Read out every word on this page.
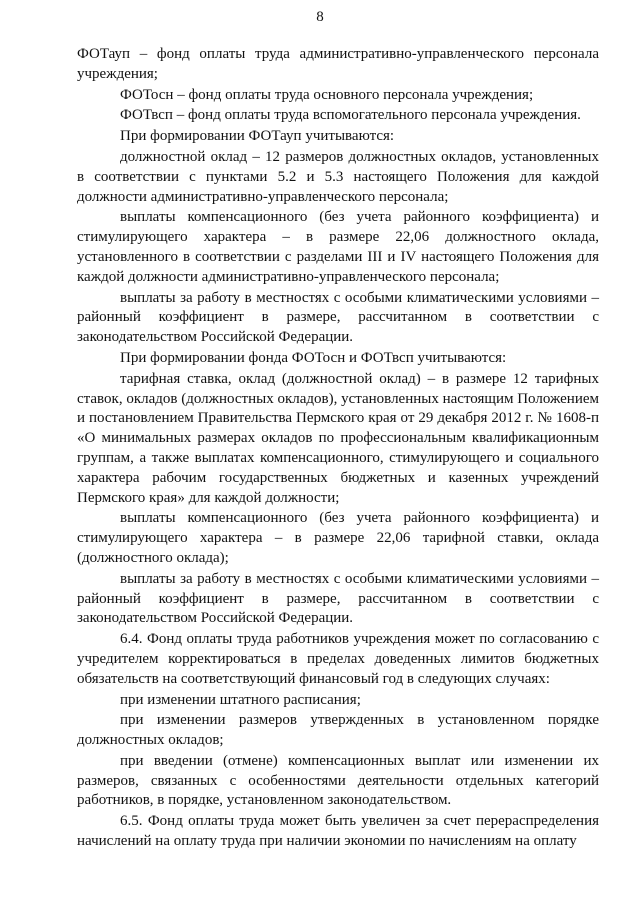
8

ФОТауп – фонд оплаты труда административно-управленческого персонала учреждения;

ФОТосн – фонд оплаты труда основного персонала учреждения;

ФОТвсп – фонд оплаты труда вспомогательного персонала учреждения.

При формировании ФОТауп учитываются:

должностной оклад – 12 размеров должностных окладов, установленных в соответствии с пунктами 5.2 и 5.3 настоящего Положения для каждой должности административно-управленческого персонала;

выплаты компенсационного (без учета районного коэффициента) и стимулирующего характера – в размере 22,06 должностного оклада, установленного в соответствии с разделами III и IV настоящего Положения для каждой должности административно-управленческого персонала;

выплаты за работу в местностях с особыми климатическими условиями – районный коэффициент в размере, рассчитанном в соответствии с законодательством Российской Федерации.

При формировании фонда ФОТосн и ФОТвсп учитываются:

тарифная ставка, оклад (должностной оклад) – в размере 12 тарифных ставок, окладов (должностных окладов), установленных настоящим Положением и постановлением Правительства Пермского края от 29 декабря 2012 г. № 1608-п «О минимальных размерах окладов по профессиональным квалификационным группам, а также выплатах компенсационного, стимулирующего и социального характера рабочим государственных бюджетных и казенных учреждений Пермского края» для каждой должности;

выплаты компенсационного (без учета районного коэффициента) и стимулирующего характера – в размере 22,06 тарифной ставки, оклада (должностного оклада);

выплаты за работу в местностях с особыми климатическими условиями – районный коэффициент в размере, рассчитанном в соответствии с законодательством Российской Федерации.

6.4. Фонд оплаты труда работников учреждения может по согласованию с учредителем корректироваться в пределах доведенных лимитов бюджетных обязательств на соответствующий финансовый год в следующих случаях:

при изменении штатного расписания;

при изменении размеров утвержденных в установленном порядке должностных окладов;

при введении (отмене) компенсационных выплат или изменении их размеров, связанных с особенностями деятельности отдельных категорий работников, в порядке, установленном законодательством.

6.5. Фонд оплаты труда может быть увеличен за счет перераспределения начислений на оплату труда при наличии экономии по начислениям на оплату
